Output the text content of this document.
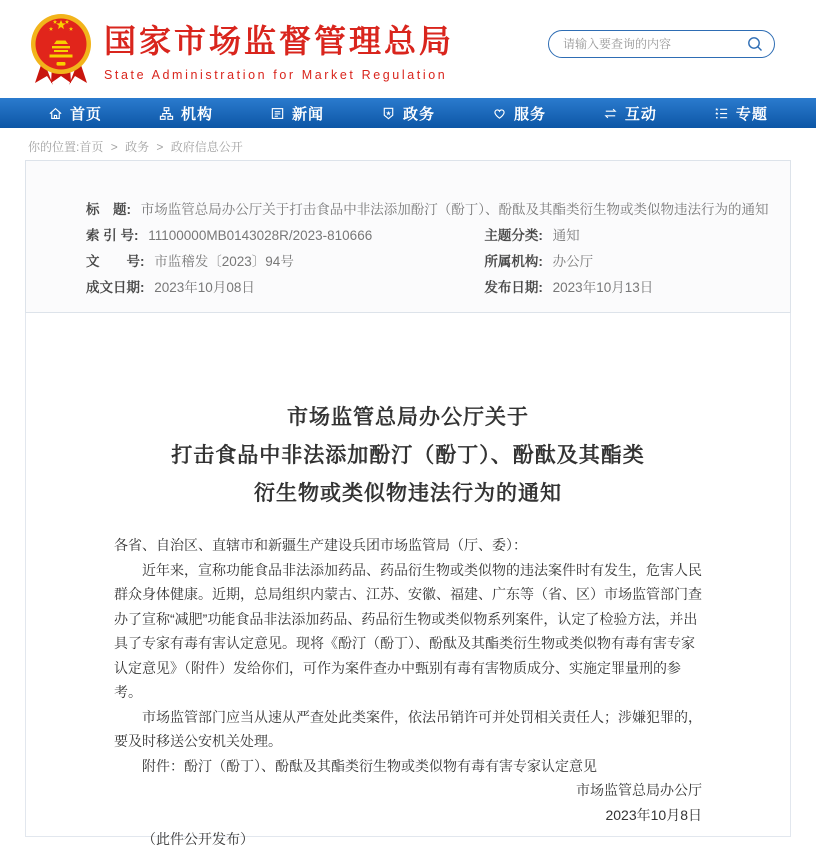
国家市场监督管理总局
State Administration for Market Regulation
请输入要查询的内容
首页	机构	新闻	政务	服务	互动	专题
你的位置:首页 > 政务 > 政府信息公开
标　题: 市场监管总局办公厅关于打击食品中非法添加酚汀（酚丁）、酚酞及其酯类衍生物或类似物违法行为的通知
索 引 号: 11100000MB0143028R/2023-810666	主题分类: 通知
文　　号: 市监稽发〔2023〕94号	所属机构: 办公厅
成文日期: 2023年10月08日	发布日期: 2023年10月13日
市场监管总局办公厅关于
打击食品中非法添加酚汀（酚丁）、酚酞及其酯类
衍生物或类似物违法行为的通知

各省、自治区、直辖市和新疆生产建设兵团市场监管局（厅、委）：

近年来，宣称功能食品非法添加药品、药品衍生物或类似物的违法案件时有发生，危害人民群众身体健康。近期，总局组织内蒙古、江苏、安徽、福建、广东等（省、区）市场监管部门查办了宣称“减肥”功能食品非法添加药品、药品衍生物或类似物系列案件，认定了检验方法，并出具了专家有毒有害认定意见。现将《酚汀（酚丁）、酚酞及其酯类衍生物或类似物有毒有害专家认定意见》（附件）发给你们，可作为案件查办中甄别有毒有害物质成分、实施定罪量刑的参考。

市场监管部门应当从速从严查处此类案件，依法吊销许可并处罚相关责任人；涉嫌犯罪的，要及时移送公安机关处理。

附件：酚汀（酚丁）、酚酞及其酯类衍生物或类似物有毒有害专家认定意见

市场监管总局办公厅

2023年10月8日

（此件公开发布）
